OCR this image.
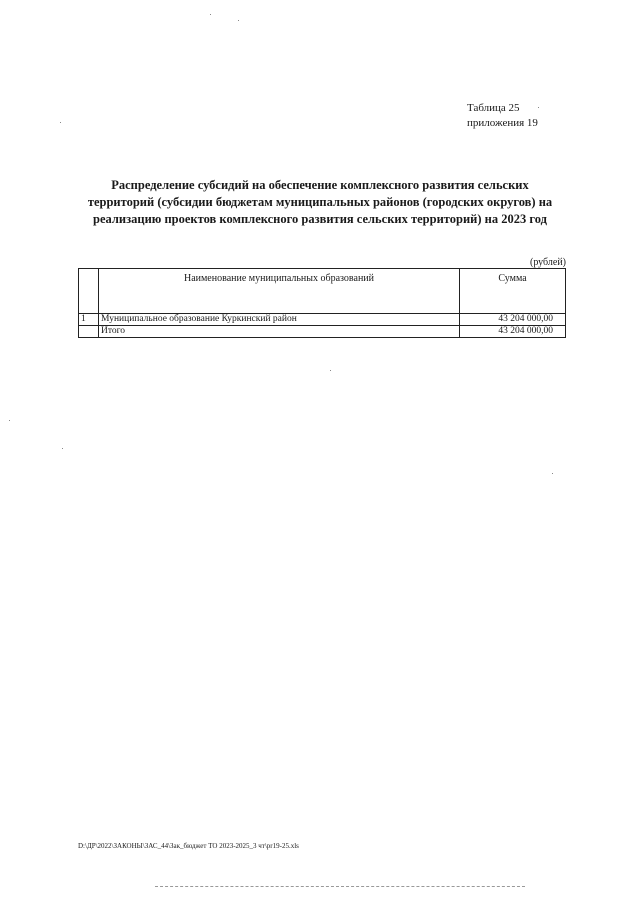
Таблица 25
приложения 19
Распределение субсидий на обеспечение комплексного развития сельских
территорий (субсидии бюджетам муниципальных районов (городских округов) на
реализацию проектов комплексного развития сельских территорий) на 2023 год
(рублей)
	Наименование муниципальных образований	Сумма
1	Муниципальное образование Куркинский район	43 204 000,00
	Итого	43 204 000,00
D:\ДР\2022\ЗАКОНЫ\ЗАС_44\Зак_бюджет ТО 2023-2025_3 чт\pr19-25.xls
